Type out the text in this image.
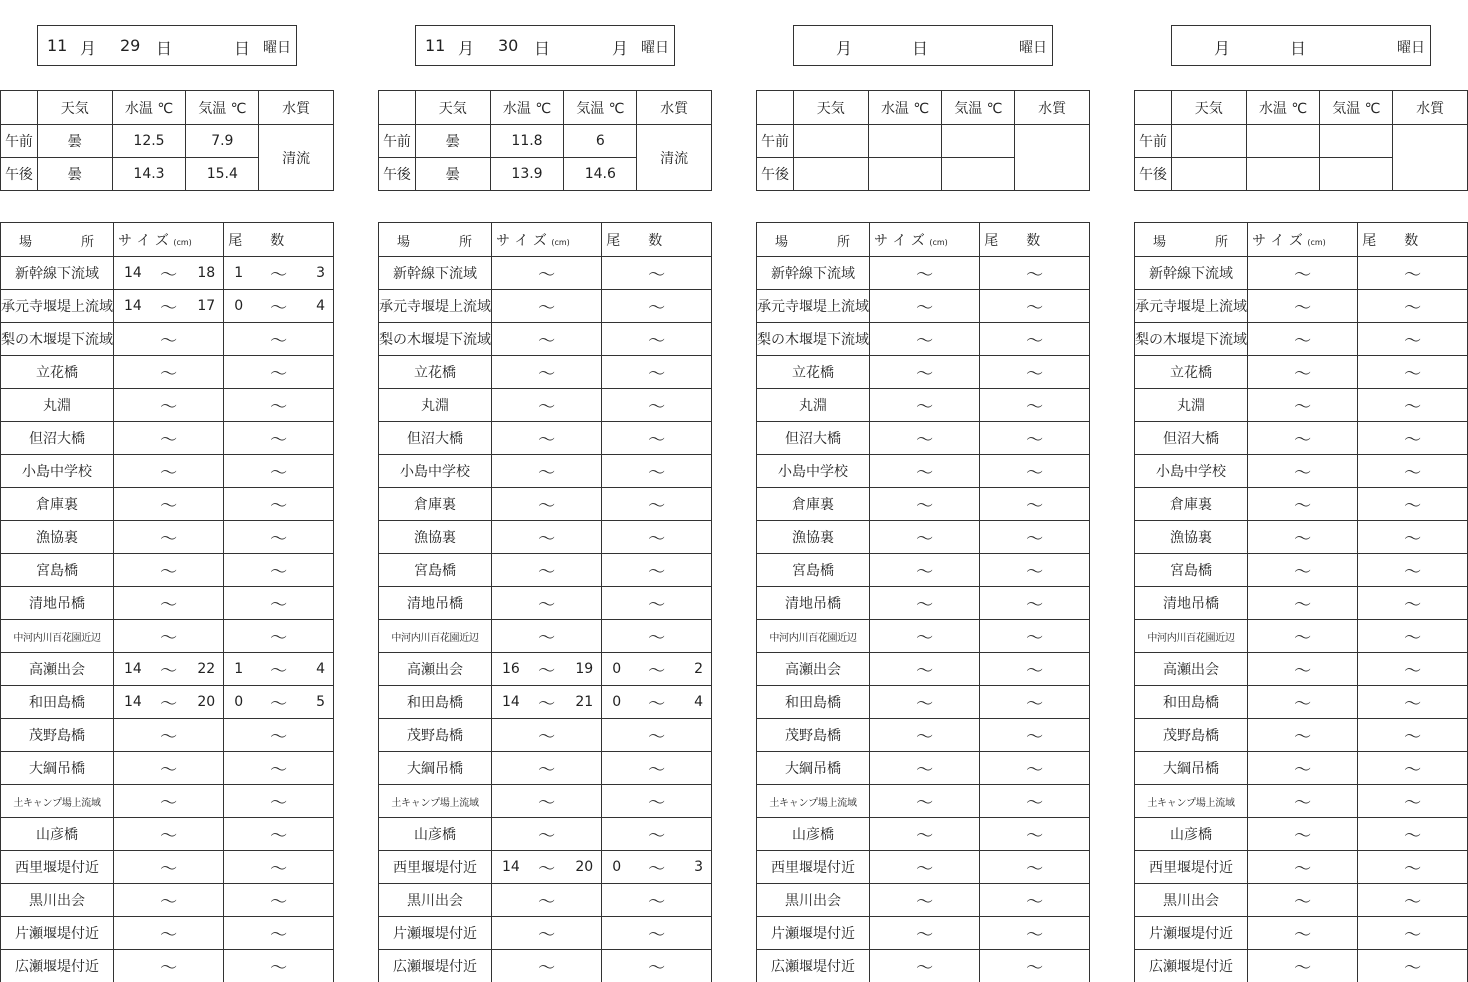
11 月 29 日	日 曜日
	天気	水温 ℃	気温 ℃	水質
午前	曇	12.5	7.9	清流
午後	曇	14.3	15.4	
場 所	サ イ ズ (cm)	尾　　数
新幹線下流域	14 〜 18	1 〜 3

承元寺堰堤上流域	14 〜 17	0 〜 4

梨の木堰堤下流域	〜	〜

立花橋	〜	〜

丸淵	〜	〜

但沼大橋	〜	〜

小島中学校	〜	〜

倉庫裏	〜	〜

漁協裏	〜	〜

宮島橋	〜	〜

清地吊橋	〜	〜

中河内川百花園近辺	〜	〜

高瀬出会	14 〜 22	1 〜 4

和田島橋	14 〜 20	0 〜 5

茂野島橋	〜	〜

大綱吊橋	〜	〜

土キャンプ場上流域	〜	〜

山彦橋	〜	〜

西里堰堤付近	〜	〜

黒川出会	〜	〜

片瀬堰堤付近	〜	〜

広瀬堰堤付近	〜	〜
11 月 30 日	月 曜日
	天気	水温 ℃	気温 ℃	水質
午前	曇	11.8	6	清流
午後	曇	13.9	14.6	
場 所	サ イ ズ (cm)	尾　　数
新幹線下流域	〜	〜

承元寺堰堤上流域	〜	〜

梨の木堰堤下流域	〜	〜

立花橋	〜	〜

丸淵	〜	〜

但沼大橋	〜	〜

小島中学校	〜	〜

倉庫裏	〜	〜

漁協裏	〜	〜

宮島橋	〜	〜

清地吊橋	〜	〜

中河内川百花園近辺	〜	〜

高瀬出会	16 〜 19	0 〜 2

和田島橋	14 〜 21	0 〜 4

茂野島橋	〜	〜

大綱吊橋	〜	〜

土キャンプ場上流域	〜	〜

山彦橋	〜	〜

西里堰堤付近	14 〜 20	0 〜 3

黒川出会	〜	〜

片瀬堰堤付近	〜	〜

広瀬堰堤付近	〜	〜
月	日	曜日
	天気	水温 ℃	気温 ℃	水質
午前				
午後				
場 所	サ イ ズ (cm)	尾　　数
新幹線下流域	〜	〜

承元寺堰堤上流域	〜	〜

梨の木堰堤下流域	〜	〜

立花橋	〜	〜

丸淵	〜	〜

但沼大橋	〜	〜

小島中学校	〜	〜

倉庫裏	〜	〜

漁協裏	〜	〜

宮島橋	〜	〜

清地吊橋	〜	〜

中河内川百花園近辺	〜	〜

高瀬出会	〜	〜

和田島橋	〜	〜

茂野島橋	〜	〜

大綱吊橋	〜	〜

土キャンプ場上流域	〜	〜

山彦橋	〜	〜

西里堰堤付近	〜	〜

黒川出会	〜	〜

片瀬堰堤付近	〜	〜

広瀬堰堤付近	〜	〜
月	日	曜日
	天気	水温 ℃	気温 ℃	水質
午前				
午後				
場 所	サ イ ズ (cm)	尾　　数
新幹線下流域	〜	〜

承元寺堰堤上流域	〜	〜

梨の木堰堤下流域	〜	〜

立花橋	〜	〜

丸淵	〜	〜

但沼大橋	〜	〜

小島中学校	〜	〜

倉庫裏	〜	〜

漁協裏	〜	〜

宮島橋	〜	〜

清地吊橋	〜	〜

中河内川百花園近辺	〜	〜

高瀬出会	〜	〜

和田島橋	〜	〜

茂野島橋	〜	〜

大綱吊橋	〜	〜

土キャンプ場上流域	〜	〜

山彦橋	〜	〜

西里堰堤付近	〜	〜

黒川出会	〜	〜

片瀬堰堤付近	〜	〜

広瀬堰堤付近	〜	〜
